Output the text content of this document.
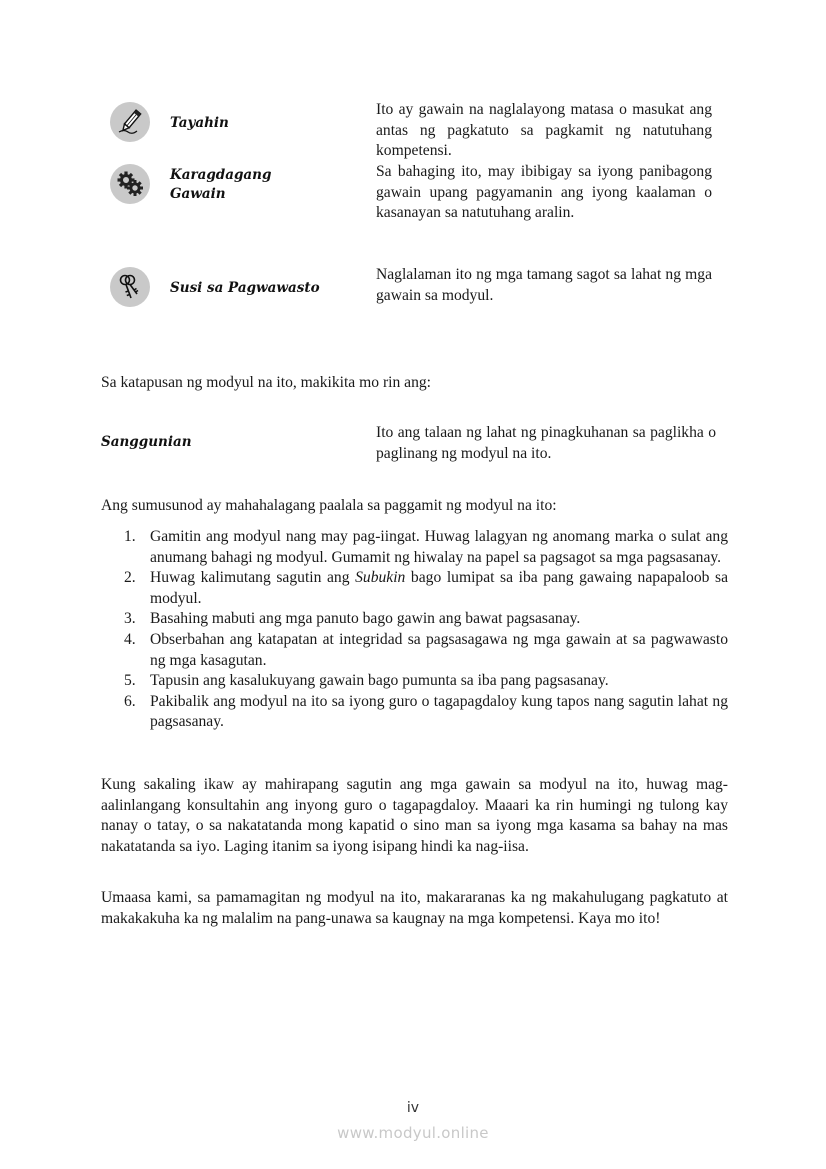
Tayahin
Ito ay gawain na naglalayong matasa o masukat ang antas ng pagkatuto sa pagkamit ng natutuhang kompetensi.
Karagdagang
Gawain
Sa bahaging ito, may ibibigay sa iyong panibagong gawain upang pagyamanin ang iyong kaalaman o kasanayan sa natutuhang aralin.
Susi sa Pagwawasto
Naglalaman ito ng mga tamang sagot sa lahat ng mga gawain sa modyul.
Sa katapusan ng modyul na ito, makikita mo rin ang:
Sanggunian
Ito ang talaan ng lahat ng pinagkuhanan sa paglikha o paglinang ng modyul na ito.
Ang sumusunod ay mahahalagang paalala sa paggamit ng modyul na ito:
1. Gamitin ang modyul nang may pag-iingat. Huwag lalagyan ng anomang marka o sulat ang anumang bahagi ng modyul. Gumamit ng hiwalay na papel sa pagsagot sa mga pagsasanay.
2. Huwag kalimutang sagutin ang Subukin bago lumipat sa iba pang gawaing napapaloob sa modyul.
3. Basahing mabuti ang mga panuto bago gawin ang bawat pagsasanay.
4. Obserbahan ang katapatan at integridad sa pagsasagawa ng mga gawain at sa pagwawasto ng mga kasagutan.
5. Tapusin ang kasalukuyang gawain bago pumunta sa iba pang pagsasanay.
6. Pakibalik ang modyul na ito sa iyong guro o tagapagdaloy kung tapos nang sagutin lahat ng pagsasanay.
Kung sakaling ikaw ay mahirapang sagutin ang mga gawain sa modyul na ito, huwag mag-aalinlangang konsultahin ang inyong guro o tagapagdaloy. Maaari ka rin humingi ng tulong kay nanay o tatay, o sa nakatatanda mong kapatid o sino man sa iyong mga kasama sa bahay na mas nakatatanda sa iyo. Laging itanim sa iyong isipang hindi ka nag-iisa.
Umaasa kami, sa pamamagitan ng modyul na ito, makararanas ka ng makahulugang pagkatuto at makakakuha ka ng malalim na pang-unawa sa kaugnay na mga kompetensi. Kaya mo ito!
iv
www.modyul.online
